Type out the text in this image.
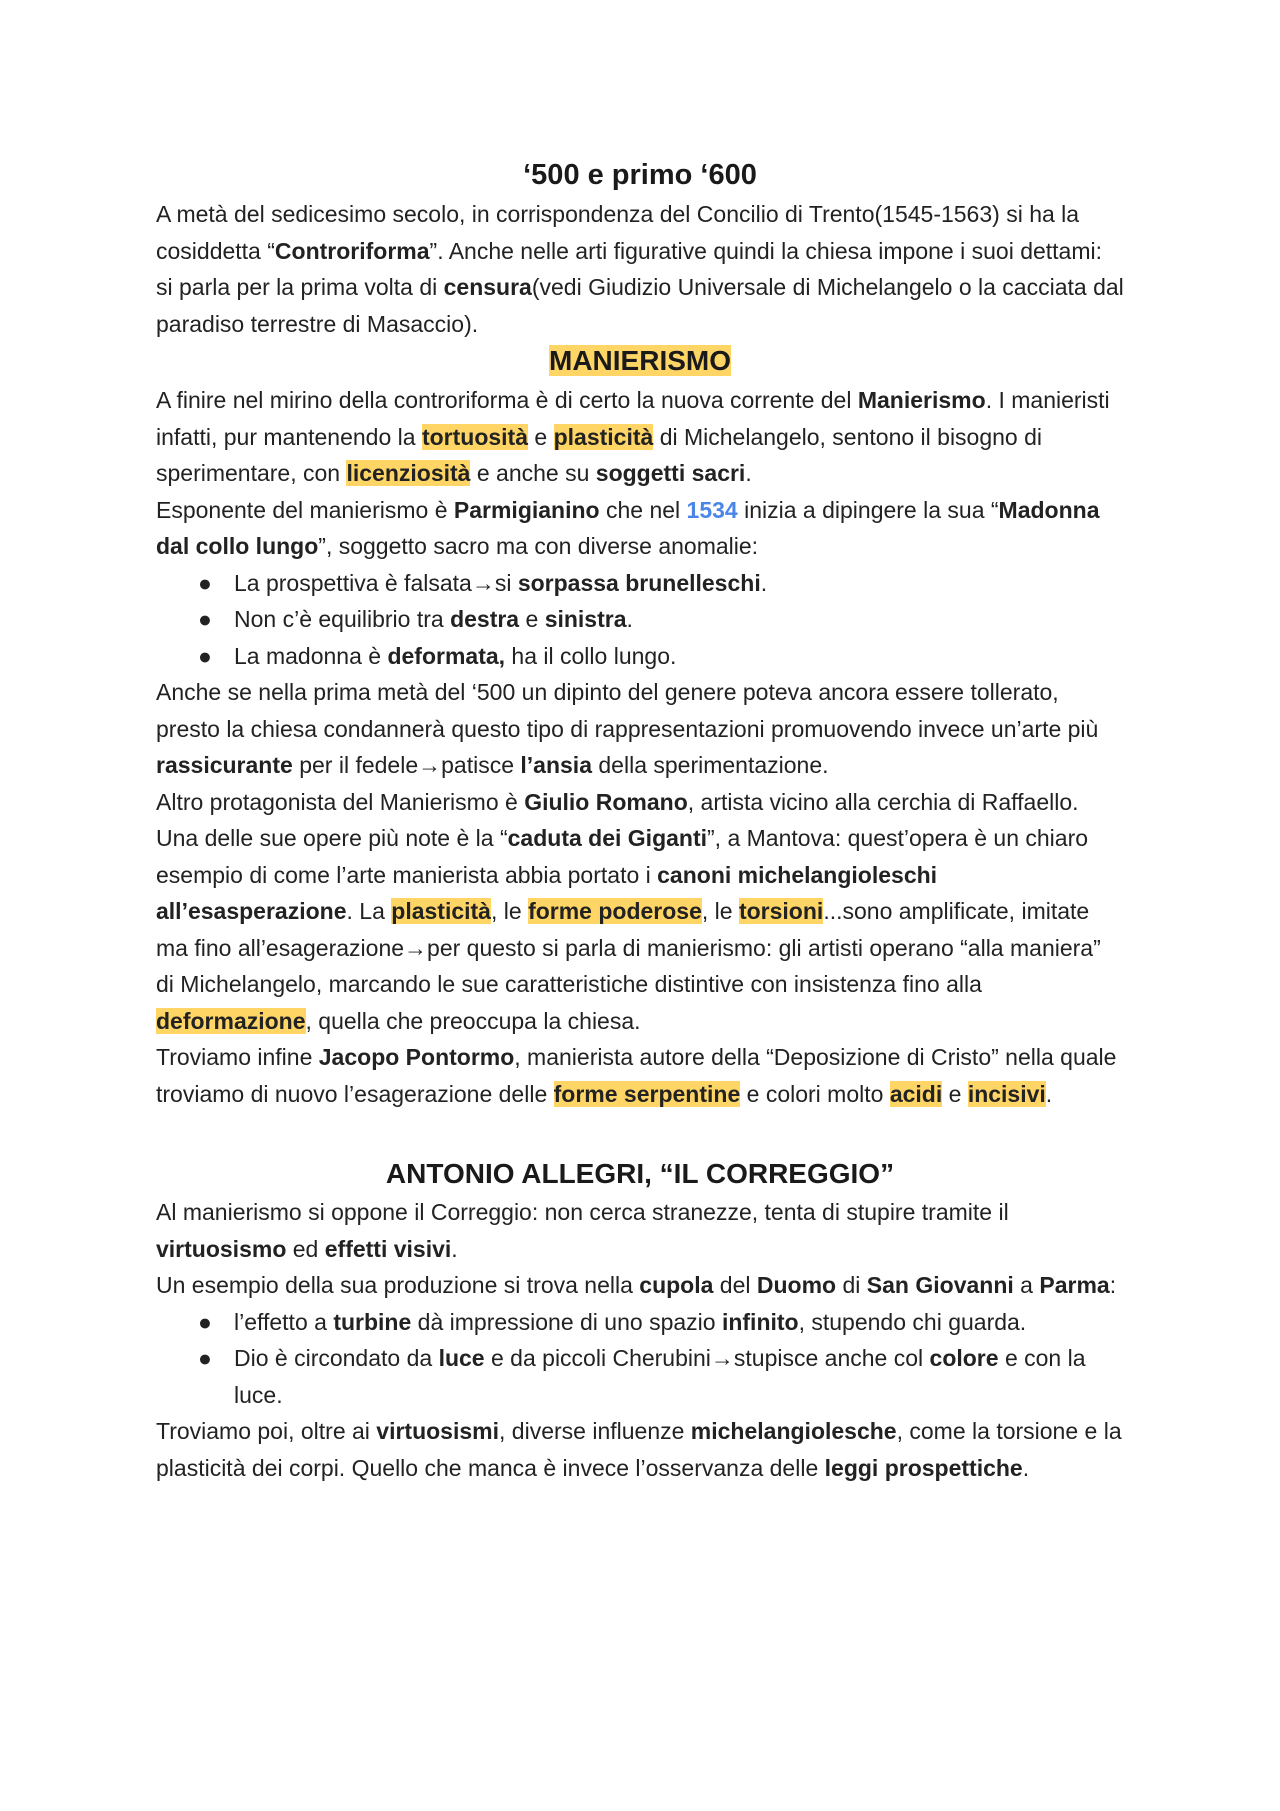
‘500 e primo ‘600

A metà del sedicesimo secolo, in corrispondenza del Concilio di Trento(1545-1563) si ha la cosiddetta “Controriforma”. Anche nelle arti figurative quindi la chiesa impone i suoi dettami: si parla per la prima volta di censura(vedi Giudizio Universale di Michelangelo o la cacciata dal paradiso terrestre di Masaccio).

MANIERISMO

A finire nel mirino della controriforma è di certo la nuova corrente del Manierismo. I manieristi infatti, pur mantenendo la tortuosità e plasticità di Michelangelo, sentono il bisogno di sperimentare, con licenziosità e anche su soggetti sacri.

Esponente del manierismo è Parmigianino che nel 1534 inizia a dipingere la sua “Madonna dal collo lungo”, soggetto sacro ma con diverse anomalie:

● La prospettiva è falsata→si sorpassa brunelleschi.
● Non c’è equilibrio tra destra e sinistra.
● La madonna è deformata, ha il collo lungo.

Anche se nella prima metà del ‘500 un dipinto del genere poteva ancora essere tollerato, presto la chiesa condannerà questo tipo di rappresentazioni promuovendo invece un’arte più rassicurante per il fedele→patisce l’ansia della sperimentazione.

Altro protagonista del Manierismo è Giulio Romano, artista vicino alla cerchia di Raffaello. Una delle sue opere più note è la “caduta dei Giganti”, a Mantova: quest’opera è un chiaro esempio di come l’arte manierista abbia portato i canoni michelangioleschi all’esasperazione. La plasticità, le forme poderose, le torsioni...sono amplificate, imitate ma fino all’esagerazione→per questo si parla di manierismo: gli artisti operano “alla maniera” di Michelangelo, marcando le sue caratteristiche distintive con insistenza fino alla deformazione, quella che preoccupa la chiesa.

Troviamo infine Jacopo Pontormo, manierista autore della “Deposizione di Cristo” nella quale troviamo di nuovo l’esagerazione delle forme serpentine e colori molto acidi e incisivi.

ANTONIO ALLEGRI, “IL CORREGGIO”

Al manierismo si oppone il Correggio: non cerca stranezze, tenta di stupire tramite il virtuosismo ed effetti visivi.

Un esempio della sua produzione si trova nella cupola del Duomo di San Giovanni a Parma:

● l’effetto a turbine dà impressione di uno spazio infinito, stupendo chi guarda.
● Dio è circondato da luce e da piccoli Cherubini→stupisce anche col colore e con la luce.

Troviamo poi, oltre ai virtuosismi, diverse influenze michelangiolesche, come la torsione e la plasticità dei corpi. Quello che manca è invece l’osservanza delle leggi prospettiche.
